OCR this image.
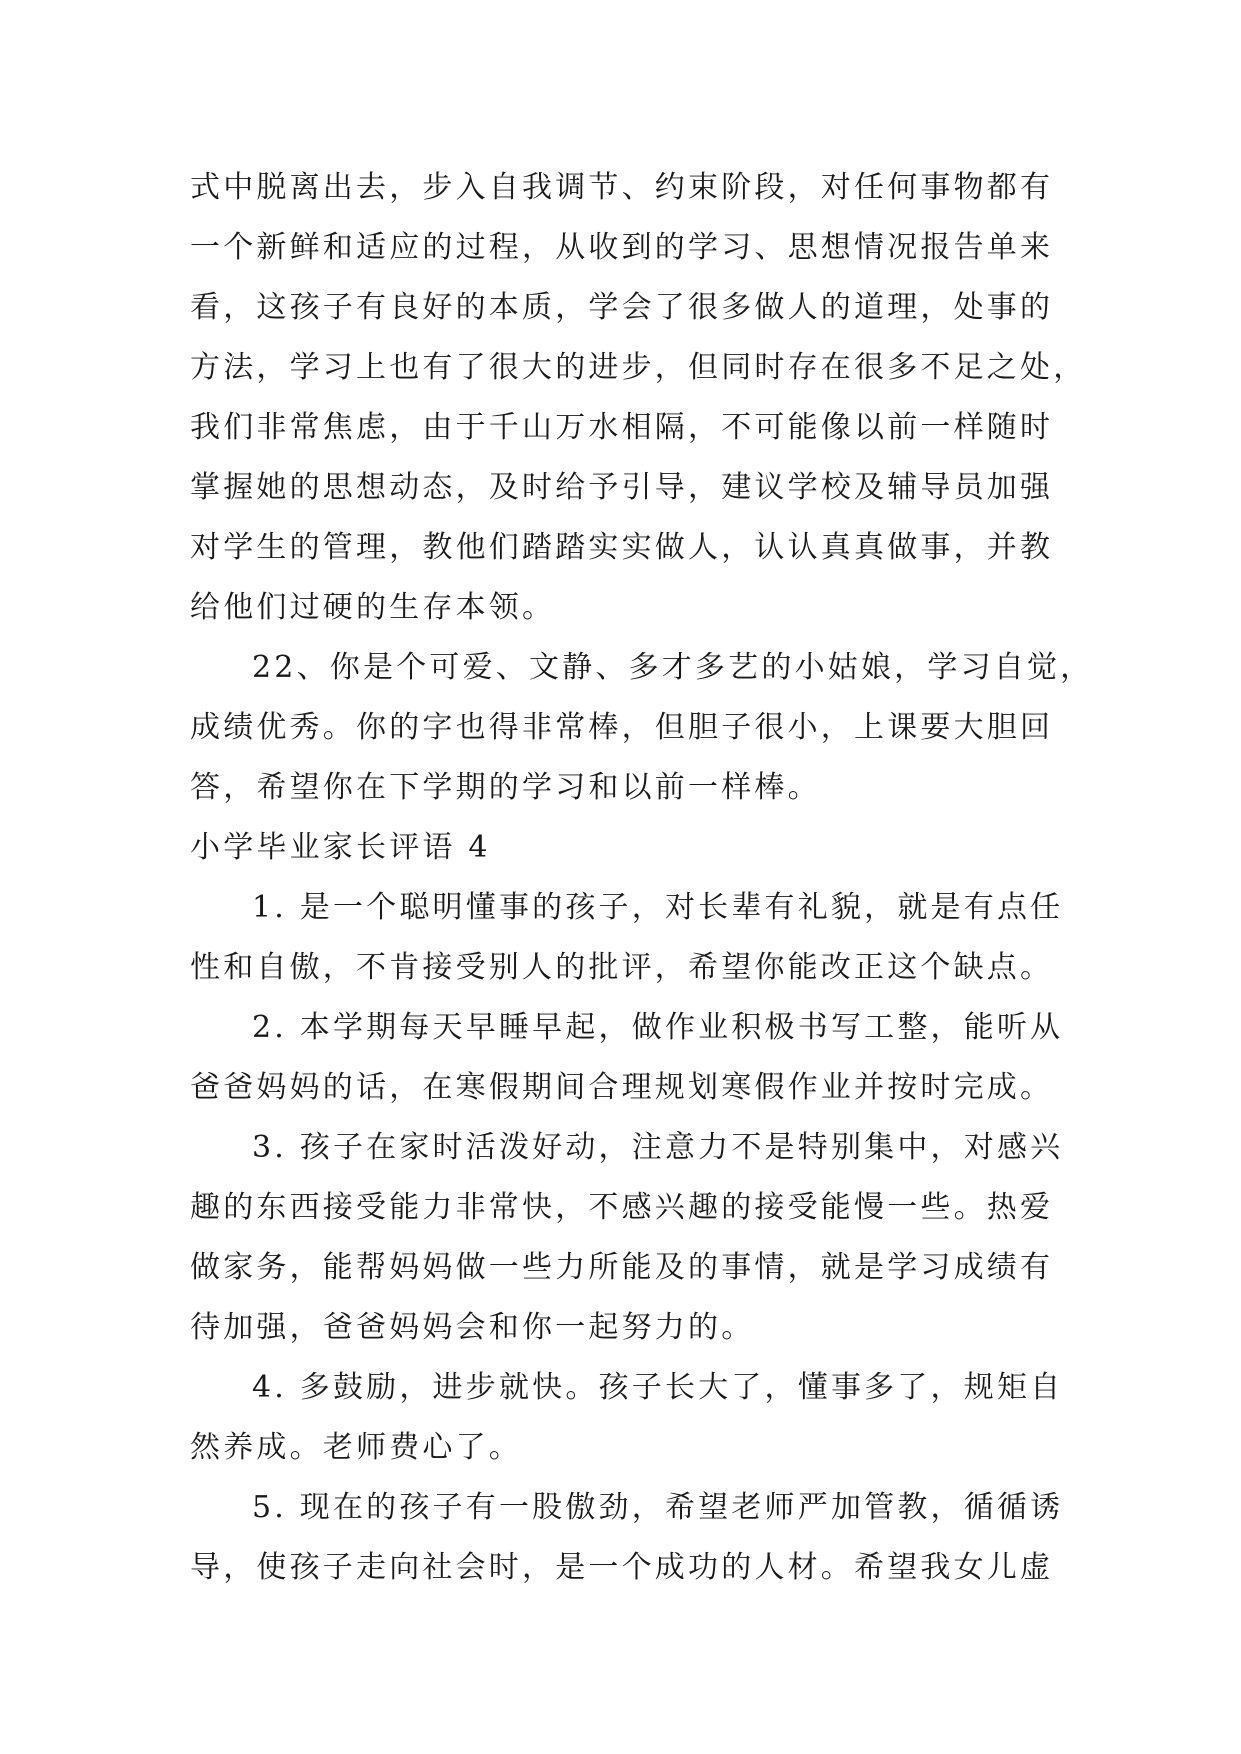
式中脱离出去，步入自我调节、约束阶段，对任何事物都有
一个新鲜和适应的过程，从收到的学习、思想情况报告单来
看，这孩子有良好的本质，学会了很多做人的道理，处事的
方法，学习上也有了很大的进步，但同时存在很多不足之处，
我们非常焦虑，由于千山万水相隔，不可能像以前一样随时
掌握她的思想动态，及时给予引导，建议学校及辅导员加强
对学生的管理，教他们踏踏实实做人，认认真真做事，并教
给他们过硬的生存本领。
22、你是个可爱、文静、多才多艺的小姑娘，学习自觉，
成绩优秀。你的字也得非常棒，但胆子很小，上课要大胆回
答，希望你在下学期的学习和以前一样棒。
小学毕业家长评语 4
1. 是一个聪明懂事的孩子，对长辈有礼貌，就是有点任
性和自傲，不肯接受别人的批评，希望你能改正这个缺点。
2. 本学期每天早睡早起，做作业积极书写工整，能听从
爸爸妈妈的话，在寒假期间合理规划寒假作业并按时完成。
3. 孩子在家时活泼好动，注意力不是特别集中，对感兴
趣的东西接受能力非常快，不感兴趣的接受能慢一些。热爱
做家务，能帮妈妈做一些力所能及的事情，就是学习成绩有
待加强，爸爸妈妈会和你一起努力的。
4. 多鼓励，进步就快。孩子长大了，懂事多了，规矩自
然养成。老师费心了。
5. 现在的孩子有一股傲劲，希望老师严加管教，循循诱
导，使孩子走向社会时，是一个成功的人材。希望我女儿虚
